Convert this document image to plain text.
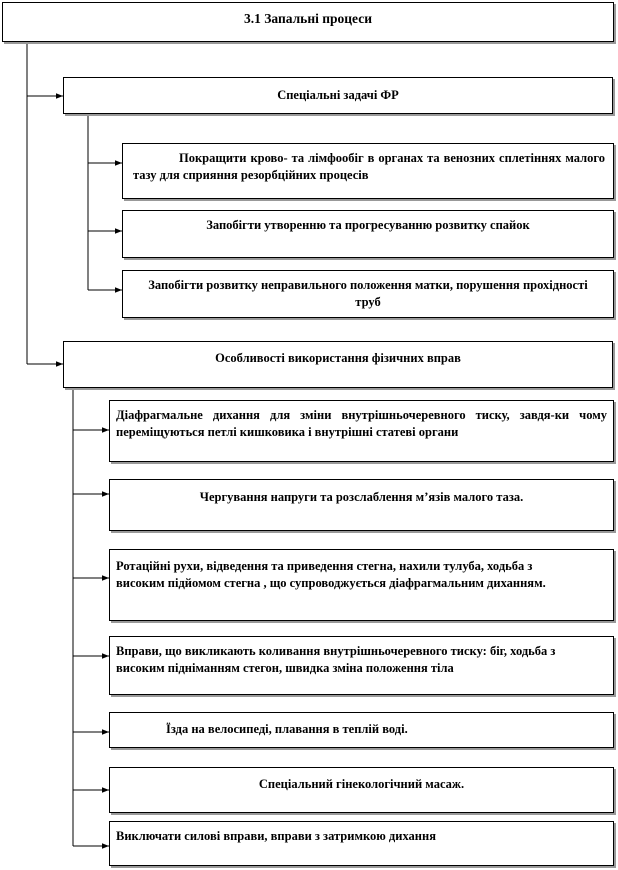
3.1 Запальні процеси
Спеціальні задачі ФР
Покращити крово- та лімфообіг в органах та венозних сплетіннях малого тазу для сприяння резорбційних процесів
Запобігти утворенню та прогресуванню розвитку спайок
Запобігти розвитку неправильного положення матки, порушення прохідності труб
Особливості використання фізичних вправ
Діафрагмальне дихання для зміни внутрішньочеревного тиску, завдя-ки чому переміщуються петлі кишковика і внутрішні статеві органи
Чергування напруги та розслаблення м’язів малого таза.
Ротаційні рухи, відведення та приведення стегна, нахили тулуба, ходьба з високим підйомом стегна , що супроводжується діафрагмальним диханням.
Вправи, що викликають коливання внутрішньочеревного тиску: біг, ходьба з високим підніманням стегон, швидка зміна положення тіла
Їзда на велосипеді, плавання в теплій воді.
Спеціальний гінекологічний масаж.
Виключати силові вправи, вправи з затримкою дихання
